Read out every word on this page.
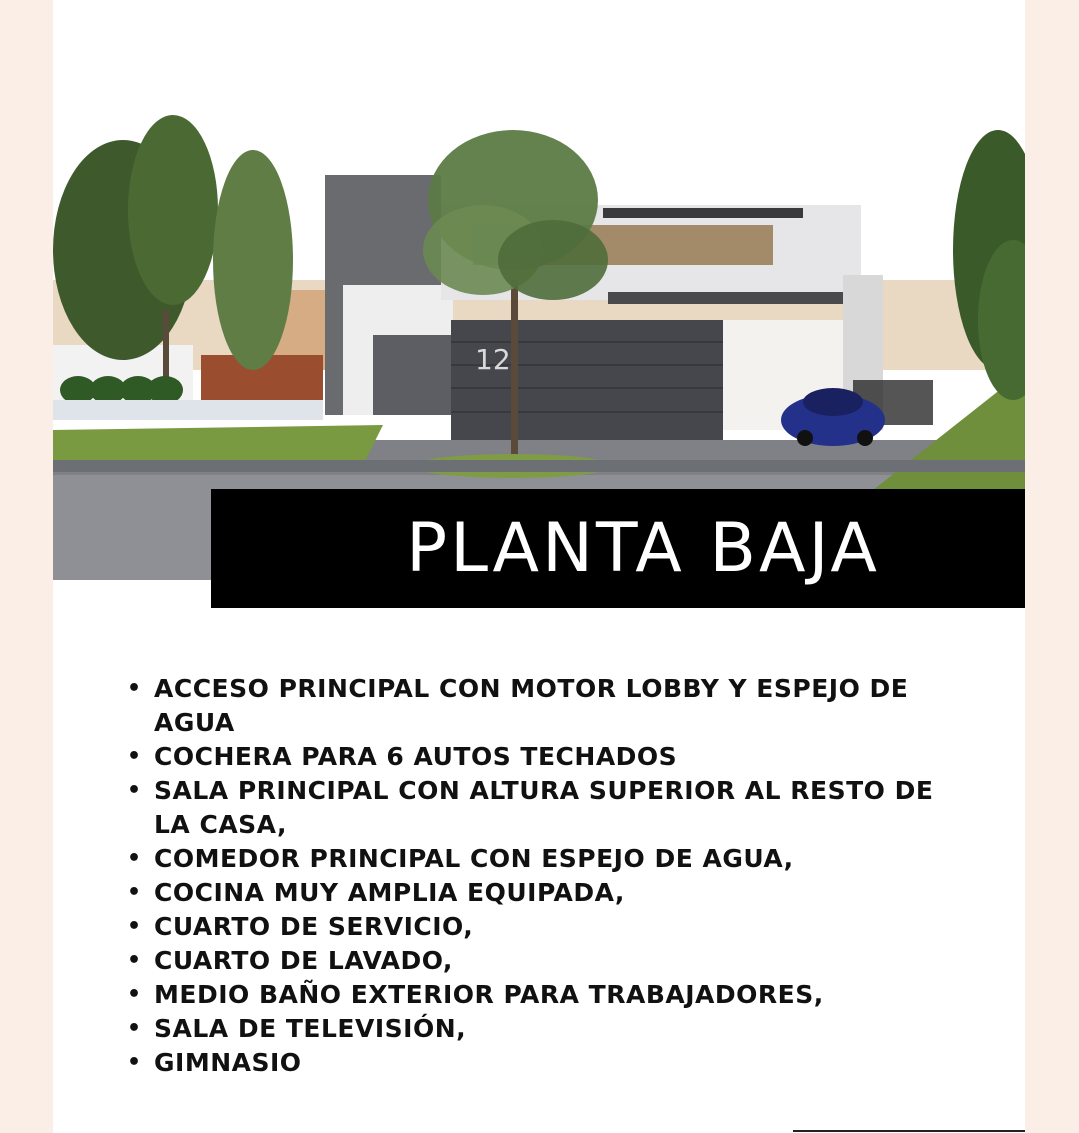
12
PLANTA BAJA
• ACCESO PRINCIPAL CON MOTOR LOBBY Y ESPEJO DE AGUA
• COCHERA PARA 6 AUTOS TECHADOS
• SALA PRINCIPAL CON ALTURA SUPERIOR AL RESTO DE LA CASA,
• COMEDOR PRINCIPAL CON ESPEJO DE AGUA,
• COCINA MUY AMPLIA EQUIPADA,
• CUARTO DE SERVICIO,
• CUARTO DE LAVADO,
• MEDIO BAÑO EXTERIOR PARA TRABAJADORES,
• SALA DE TELEVISIÓN,
• GIMNASIO
